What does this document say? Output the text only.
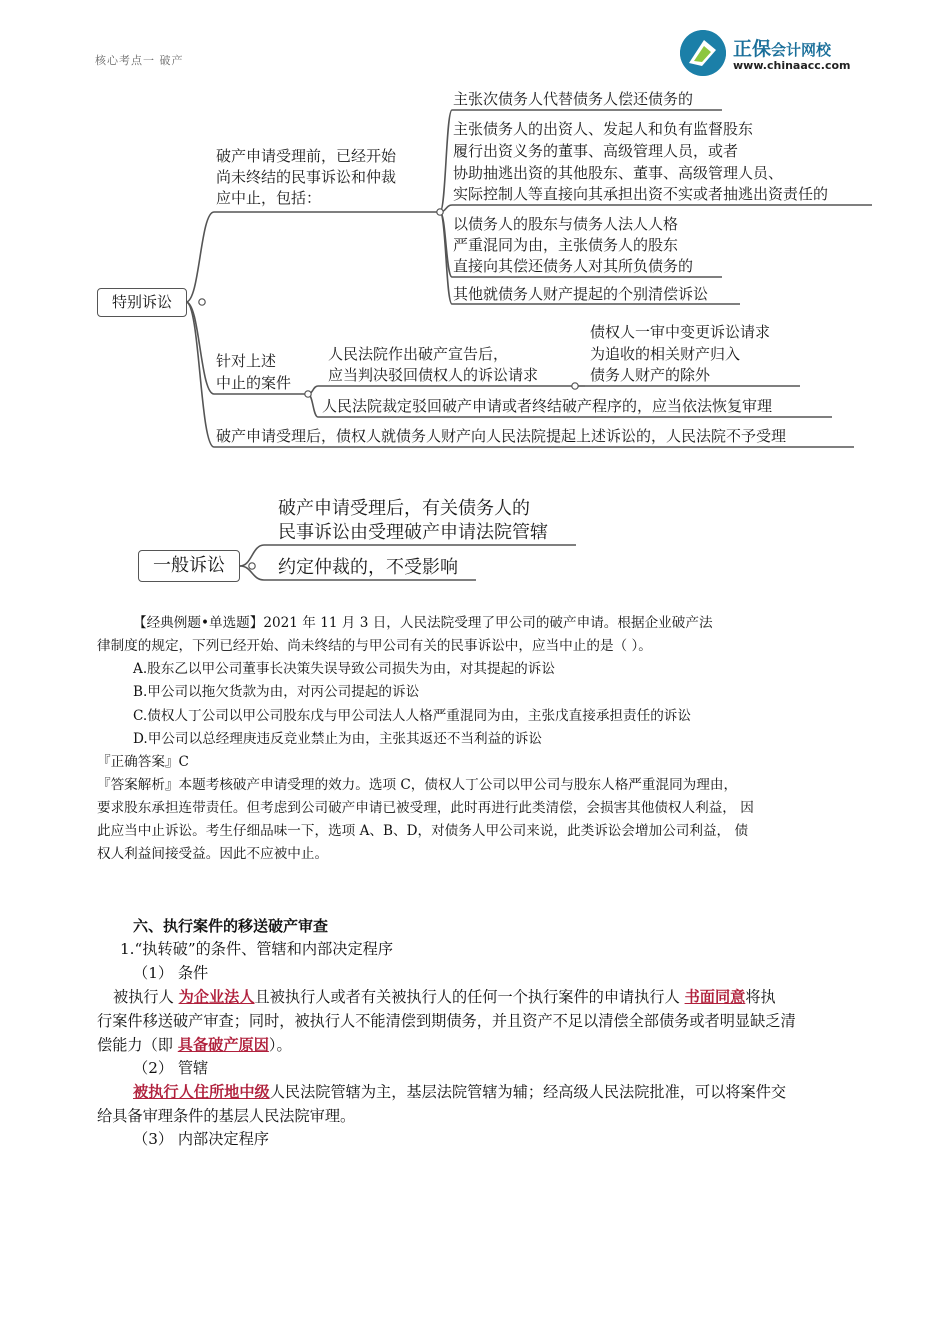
核心考点一 破产
正保会计网校
www.chinaacc.com
特别诉讼
破产申请受理前，已经开始
尚未终结的民事诉讼和仲裁
应中止，包括：
主张次债务人代替债务人偿还债务的
主张债务人的出资人、发起人和负有监督股东
履行出资义务的董事、高级管理人员，或者
协助抽逃出资的其他股东、董事、高级管理人员、
实际控制人等直接向其承担出资不实或者抽逃出资责任的
以债务人的股东与债务人法人人格
严重混同为由，主张债务人的股东
直接向其偿还债务人对其所负债务的
其他就债务人财产提起的个别清偿诉讼
针对上述
中止的案件
人民法院作出破产宣告后，
应当判决驳回债权人的诉讼请求
债权人一审中变更诉讼请求
为追收的相关财产归入
债务人财产的除外
人民法院裁定驳回破产申请或者终结破产程序的，应当依法恢复审理
破产申请受理后，债权人就债务人财产向人民法院提起上述诉讼的，人民法院不予受理
一般诉讼
破产申请受理后，有关债务人的
民事诉讼由受理破产申请法院管辖
约定仲裁的，不受影响
【经典例题•单选题】2021 年 11 月 3 日，人民法院受理了甲公司的破产申请。根据企业破产法
律制度的规定，下列已经开始、尚未终结的与甲公司有关的民事诉讼中，应当中止的是（ ）。
A.股东乙以甲公司董事长决策失误导致公司损失为由，对其提起的诉讼
B.甲公司以拖欠货款为由，对丙公司提起的诉讼
C.债权人丁公司以甲公司股东戊与甲公司法人人格严重混同为由，主张戊直接承担责任的诉讼
D.甲公司以总经理庚违反竞业禁止为由，主张其返还不当利益的诉讼
『正确答案』C
『答案解析』本题考核破产申请受理的效力。选项 C，债权人丁公司以甲公司与股东人格严重混同为理由，
要求股东承担连带责任。但考虑到公司破产申请已被受理，此时再进行此类清偿，会损害其他债权人利益， 因
此应当中止诉讼。考生仔细品味一下，选项 A、B、D，对债务人甲公司来说，此类诉讼会增加公司利益， 债
权人利益间接受益。因此不应被中止。
六、执行案件的移送破产审查
1.“执转破”的条件、管辖和内部决定程序
（1） 条件
被执行人 为企业法人且被执行人或者有关被执行人的任何一个执行案件的申请执行人 书面同意将执
行案件移送破产审查；同时，被执行人不能清偿到期债务，并且资产不足以清偿全部债务或者明显缺乏清
偿能力（即 具备破产原因）。
（2） 管辖
被执行人住所地中级人民法院管辖为主，基层法院管辖为辅；经高级人民法院批准，可以将案件交
给具备审理条件的基层人民法院审理。
（3） 内部决定程序
